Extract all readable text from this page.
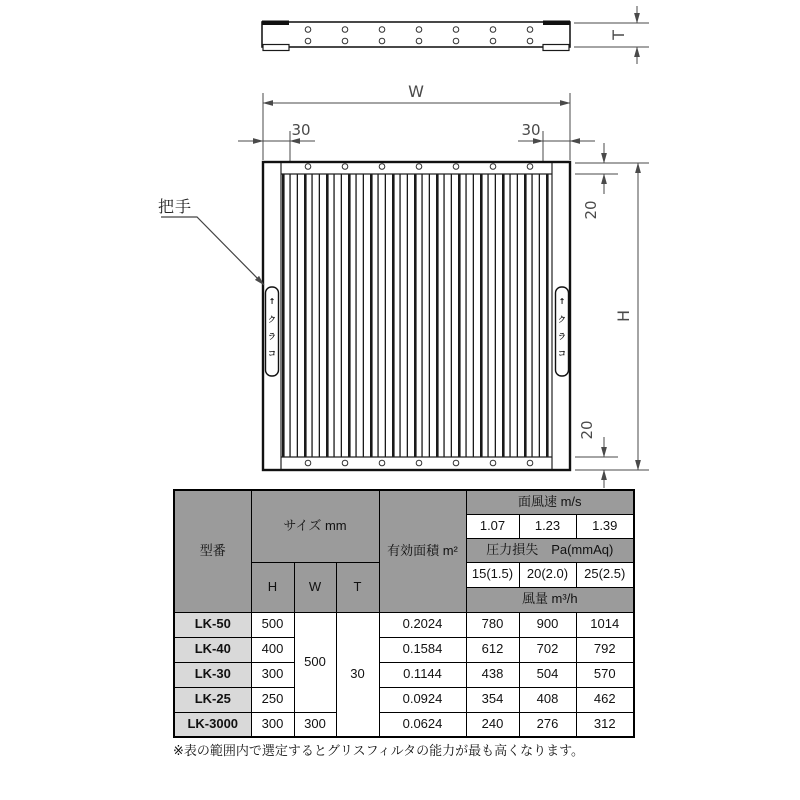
T
W
30	30
↑
ク
ラ
コ
↑
ク
ラ
コ
H
20
20
把手
型番	サイズ mm			有効面積 m²	面風速 m/s		
					1.07	1.23	1.39
					圧力損失　Pa(mmAq)		
	H	W	T		15(1.5)	20(2.0)	25(2.5)
					風量 m³/h		
LK-50	500	500	30	0.2024	780	900	1014
LK-40	400			0.1584	612	702	792
LK-30	300			0.1144	438	504	570
LK-25	250			0.0924	354	408	462
LK-3000	300	300		0.0624	240	276	312
※表の範囲内で選定するとグリスフィルタの能力が最も高くなります。
